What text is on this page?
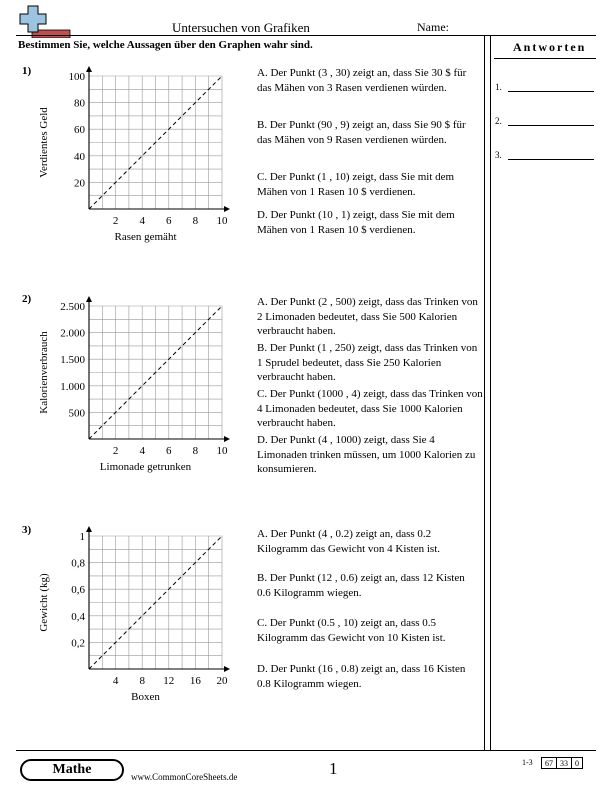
Untersuchen von Grafiken	Name:
Bestimmen Sie, welche Aussagen über den Graphen wahr sind.	Antworten
1.
2.
3.
1)
2 4 6 8 10
20
40
60
80
100
Rasen gemäht
Verdientes Geld
A. Der Punkt (3 , 30) zeigt an, dass Sie 30 $ für das Mähen von 3 Rasen verdienen würden.
B. Der Punkt (90 , 9) zeigt an, dass Sie 90 $ für das Mähen von 9 Rasen verdienen würden.
C. Der Punkt (1 , 10) zeigt, dass Sie mit dem Mähen von 1 Rasen 10 $ verdienen.
D. Der Punkt (10 , 1) zeigt, dass Sie mit dem Mähen von 1 Rasen 10 $ verdienen.
2)
2 4 6 8 10
500
1.000
1.500
2.000
2.500
Limonade getrunken
Kalorienverbrauch
A. Der Punkt (2 , 500) zeigt, dass das Trinken von 2 Limonaden bedeutet, dass Sie 500 Kalorien verbraucht haben.
B. Der Punkt (1 , 250) zeigt, dass das Trinken von 1 Sprudel bedeutet, dass Sie 250 Kalorien verbraucht haben.
C. Der Punkt (1000 , 4) zeigt, dass das Trinken von 4 Limonaden bedeutet, dass Sie 1000 Kalorien verbraucht haben.
D. Der Punkt (4 , 1000) zeigt, dass Sie 4 Limonaden trinken müssen, um 1000 Kalorien zu konsumieren.
3)
4 8 12 16 20
0,2
0,4
0,6
0,8
1
Boxen
Gewicht (kg)
A. Der Punkt (4 , 0.2) zeigt an, dass 0.2 Kilogramm das Gewicht von 4 Kisten ist.
B. Der Punkt (12 , 0.6) zeigt an, dass 12 Kisten 0.6 Kilogramm wiegen.
C. Der Punkt (0.5 , 10) zeigt an, dass 0.5 Kilogramm das Gewicht von 10 Kisten ist.
D. Der Punkt (16 , 0.8) zeigt an, dass 16 Kisten 0.8 Kilogramm wiegen.
Mathe	www.CommonCoreSheets.de	1	1-3 67	33	0
